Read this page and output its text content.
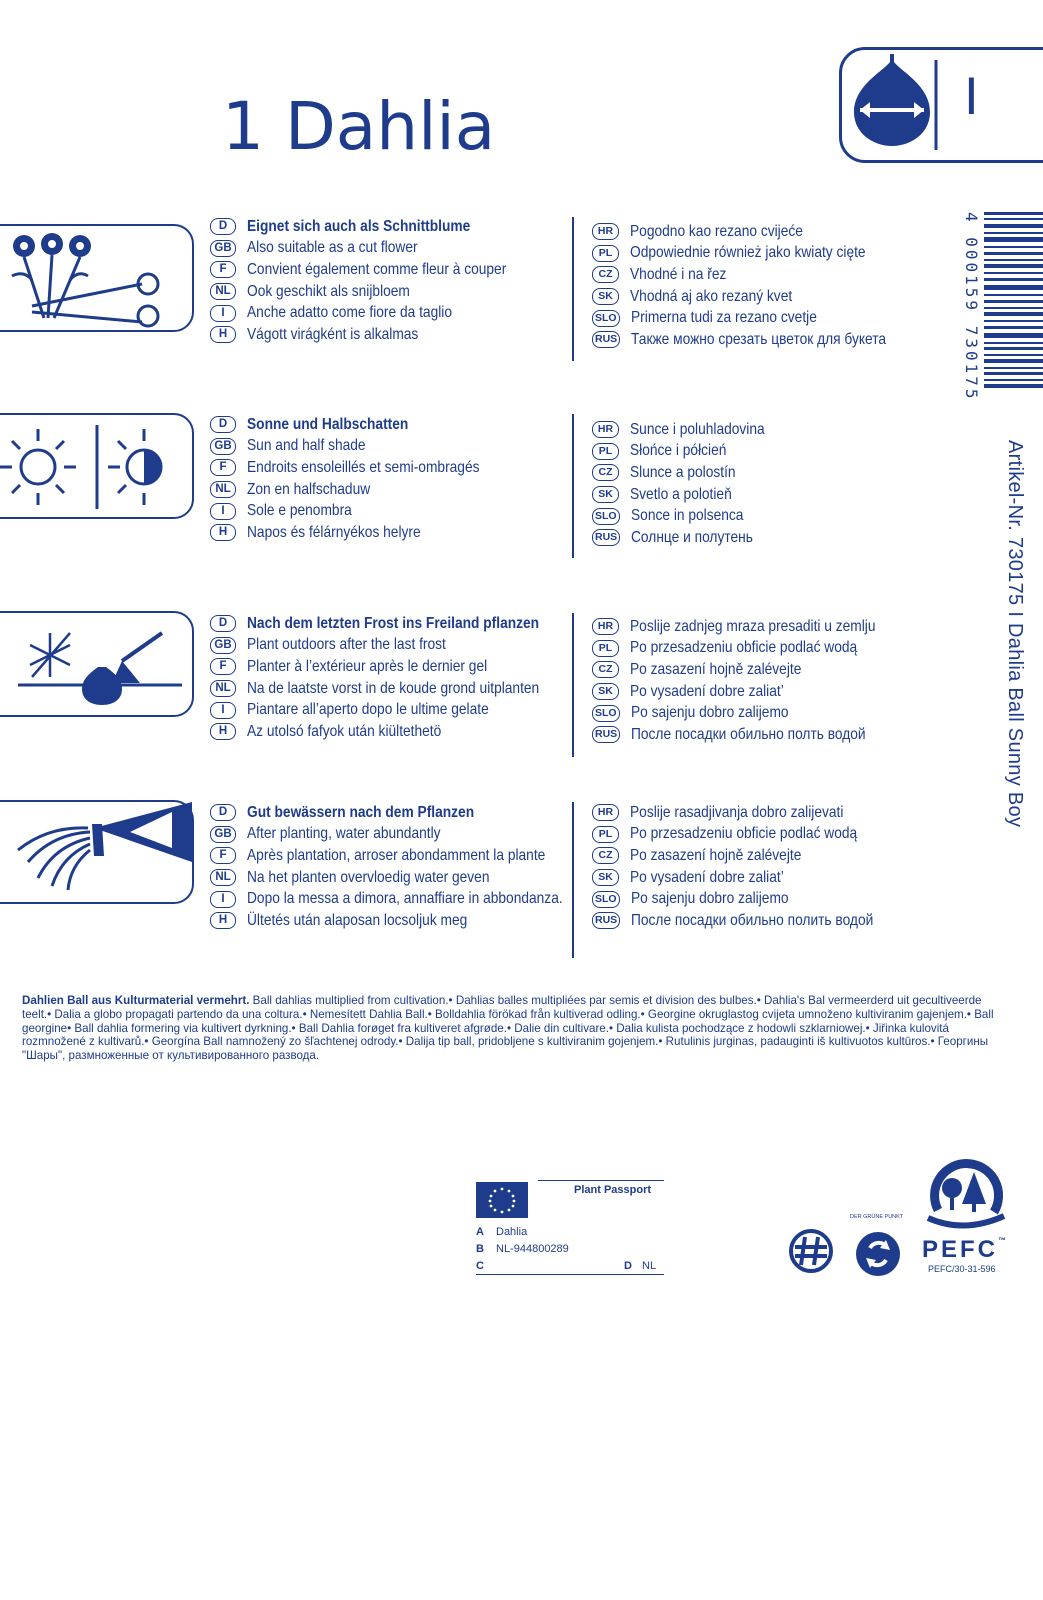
1 Dahlia	I
4 000159 730175
Artikel-Nr. 730175 I Dahlia Ball Sunny Boy
D	Eignet sich auch als Schnittblume
GB Also suitable as a cut flower
F	Convient également comme fleur à couper
NL	Ook geschikt als snijbloem
I	Anche adatto come fiore da taglio
H	Vágott virágként is alkalmas
HR	Pogodno kao rezano cvijeće
PL	Odpowiednie również jako kwiaty cięte
CZ	Vhodné i na řez
SK	Vhodná aj ako rezaný kvet
SLO Primerna tudi za rezano cvetje
RUS Также можно срезать цветок для букета
D	Sonne und Halbschatten
GB Sun and half shade
F	Endroits ensoleillés et semi-ombragés
NL	Zon en halfschaduw
I	Sole e penombra
H	Napos és félárnyékos helyre
HR	Sunce i poluhladovina
PL	Słońce i półcień
CZ	Slunce a polostín
SK	Svetlo a polotieň
SLO Sonce in polsenca
RUS Солнце и полутень
D	Nach dem letzten Frost ins Freiland pflanzen
GB Plant outdoors after the last frost
F	Planter à l’extérieur après le dernier gel
NL	Na de laatste vorst in de koude grond uitplanten
I	Piantare all’aperto dopo le ultime gelate
H	Az utolsó fafyok után kiültethetö
HR	Poslije zadnjeg mraza presaditi u zemlju
PL	Po przesadzeniu obficie podlać wodą
CZ	Po zasazení hojně zalévejte
SK	Po vysadení dobre zaliat’
SLO Po sajenju dobro zalijemo
RUS После посадки обильно полть водой
D	Gut bewässern nach dem Pflanzen
GB After planting, water abundantly
F	Après plantation, arroser abondamment la plante
NL	Na het planten overvloedig water geven
I	Dopo la messa a dimora, annaffiare in abbondanza.
H	Ültetés után alaposan locsoljuk meg
HR	Poslije rasadjivanja dobro zalijevati
PL	Po przesadzeniu obficie podlać wodą
CZ	Po zasazení hojně zalévejte
SK	Po vysadení dobre zaliat’
SLO Po sajenju dobro zalijemo
RUS После посадки обильно полить водой
Dahlien Ball aus Kulturmaterial vermehrt. Ball dahlias multiplied from cultivation.• Dahlias balles multipliées par semis et division des bulbes.• Dahlia's Bal vermeerderd uit gecultiveerde teelt.• Dalia a globo propagati partendo da una coltura.• Nemesített Dahlia Ball.• Bolldahlia förökad från kultiverad odling.• Georgine okruglastog cvijeta umnoženo kultiviranim gajenjem.• Ball georgine• Ball dahlia formering via kultivert dyrkning.• Ball Dahlia forøget fra kultiveret afgrøde.• Dalie din cultivare.• Dalia kulista pochodzące z hodowli szklarniowej.• Jiřinka kulovitá rozmnožené z kultivarů.• Georgína Ball namnožený zo šľachtenej odrody.• Dalija tip ball, pridobljene s kultiviranim gojenjem.• Rutulinis jurginas, padauginti iš kultivuotos kultūros.• Георгины "Шары", размноженные от культивированного развода.
Plant Passport
A Dahlia
B NL-944800289
C	D NL
DER GRÜNE PUNKT
PEFC™
PEFC/30-31-596
